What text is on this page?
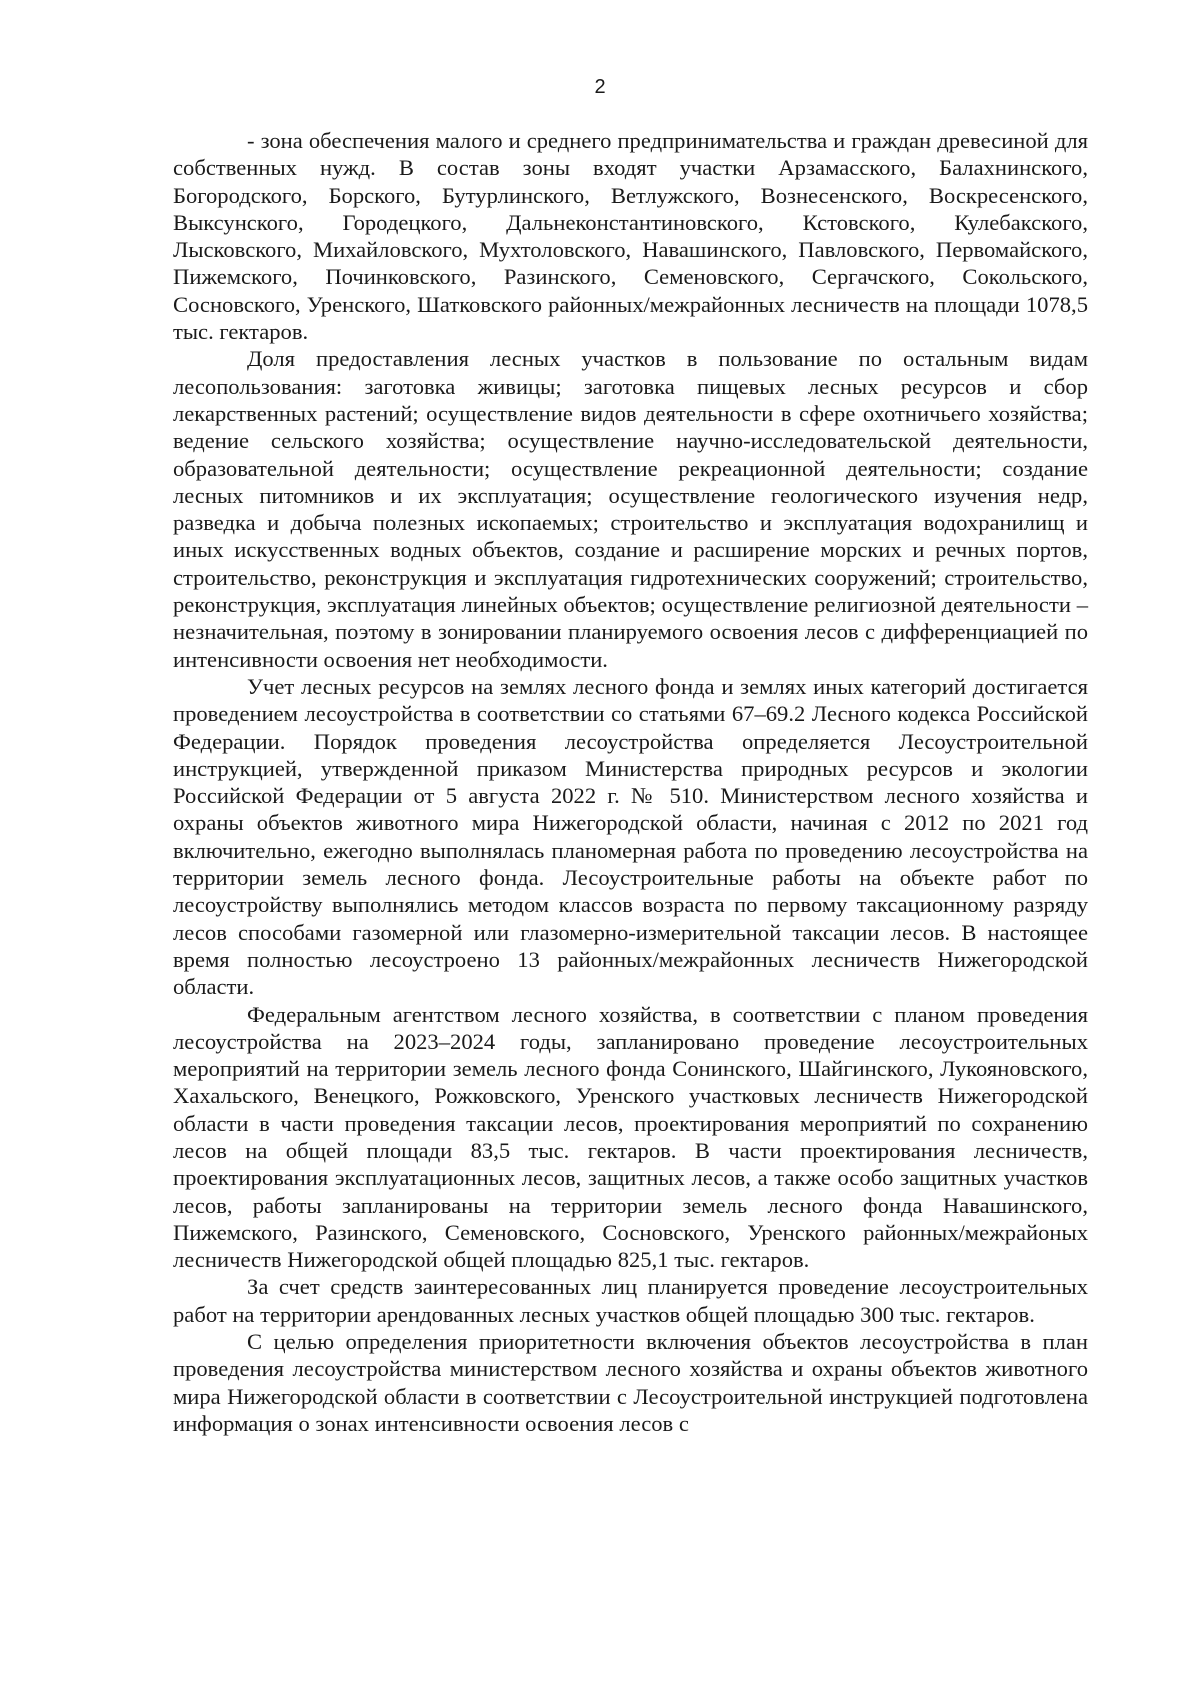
2

- зона обеспечения малого и среднего предпринимательства и граждан древесиной для собственных нужд. В состав зоны входят участки Арзамасского, Балахнинского, Богородского, Борского, Бутурлинского, Ветлужского, Вознесенского, Воскресенского, Выксунского, Городецкого, Дальнеконстантиновского, Кстовского, Кулебакского, Лысковского, Михайловского, Мухтоловского, Навашинского, Павловского, Первомайского, Пижемского, Починковского, Разинского, Семеновского, Сергачского, Сокольского, Сосновского, Уренского, Шатковского районных/межрайонных лесничеств на площади 1078,5 тыс. гектаров.

Доля предоставления лесных участков в пользование по остальным видам лесопользования: заготовка живицы; заготовка пищевых лесных ресурсов и сбор лекарственных растений; осуществление видов деятельности в сфере охотничьего хозяйства; ведение сельского хозяйства; осуществление научно-исследовательской деятельности, образовательной деятельности; осуществление рекреационной деятельности; создание лесных питомников и их эксплуатация; осуществление геологического изучения недр, разведка и добыча полезных ископаемых; строительство и эксплуатация водохранилищ и иных искусственных водных объектов, создание и расширение морских и речных портов, строительство, реконструкция и эксплуатация гидротехнических сооружений; строительство, реконструкция, эксплуатация линейных объектов; осуществление религиозной деятельности – незначительная, поэтому в зонировании планируемого освоения лесов с дифференциацией по интенсивности освоения нет необходимости.

Учет лесных ресурсов на землях лесного фонда и землях иных категорий достигается проведением лесоустройства в соответствии со статьями 67–69.2 Лесного кодекса Российской Федерации. Порядок проведения лесоустройства определяется Лесоустроительной инструкцией, утвержденной приказом Министерства природных ресурсов и экологии Российской Федерации от 5 августа 2022 г. № 510. Министерством лесного хозяйства и охраны объектов животного мира Нижегородской области, начиная с 2012 по 2021 год включительно, ежегодно выполнялась планомерная работа по проведению лесоустройства на территории земель лесного фонда. Лесоустроительные работы на объекте работ по лесоустройству выполнялись методом классов возраста по первому таксационному разряду лесов способами газомерной или глазомерно-измерительной таксации лесов. В настоящее время полностью лесоустроено 13 районных/межрайонных лесничеств Нижегородской области.

Федеральным агентством лесного хозяйства, в соответствии с планом проведения лесоустройства на 2023–2024 годы, запланировано проведение лесоустроительных мероприятий на территории земель лесного фонда Сонинского, Шайгинского, Лукояновского, Хахальского, Венецкого, Рожковского, Уренского участковых лесничеств Нижегородской области в части проведения таксации лесов, проектирования мероприятий по сохранению лесов на общей площади 83,5 тыс. гектаров. В части проектирования лесничеств, проектирования эксплуатационных лесов, защитных лесов, а также особо защитных участков лесов, работы запланированы на территории земель лесного фонда Навашинского, Пижемского, Разинского, Семеновского, Сосновского, Уренского районных/межрайоных лесничеств Нижегородской общей площадью 825,1 тыс. гектаров.

За счет средств заинтересованных лиц планируется проведение лесоустроительных работ на территории арендованных лесных участков общей площадью 300 тыс. гектаров.

С целью определения приоритетности включения объектов лесоустройства в план проведения лесоустройства министерством лесного хозяйства и охраны объектов животного мира Нижегородской области в соответствии с Лесоустроительной инструкцией подготовлена информация о зонах интенсивности освоения лесов с
